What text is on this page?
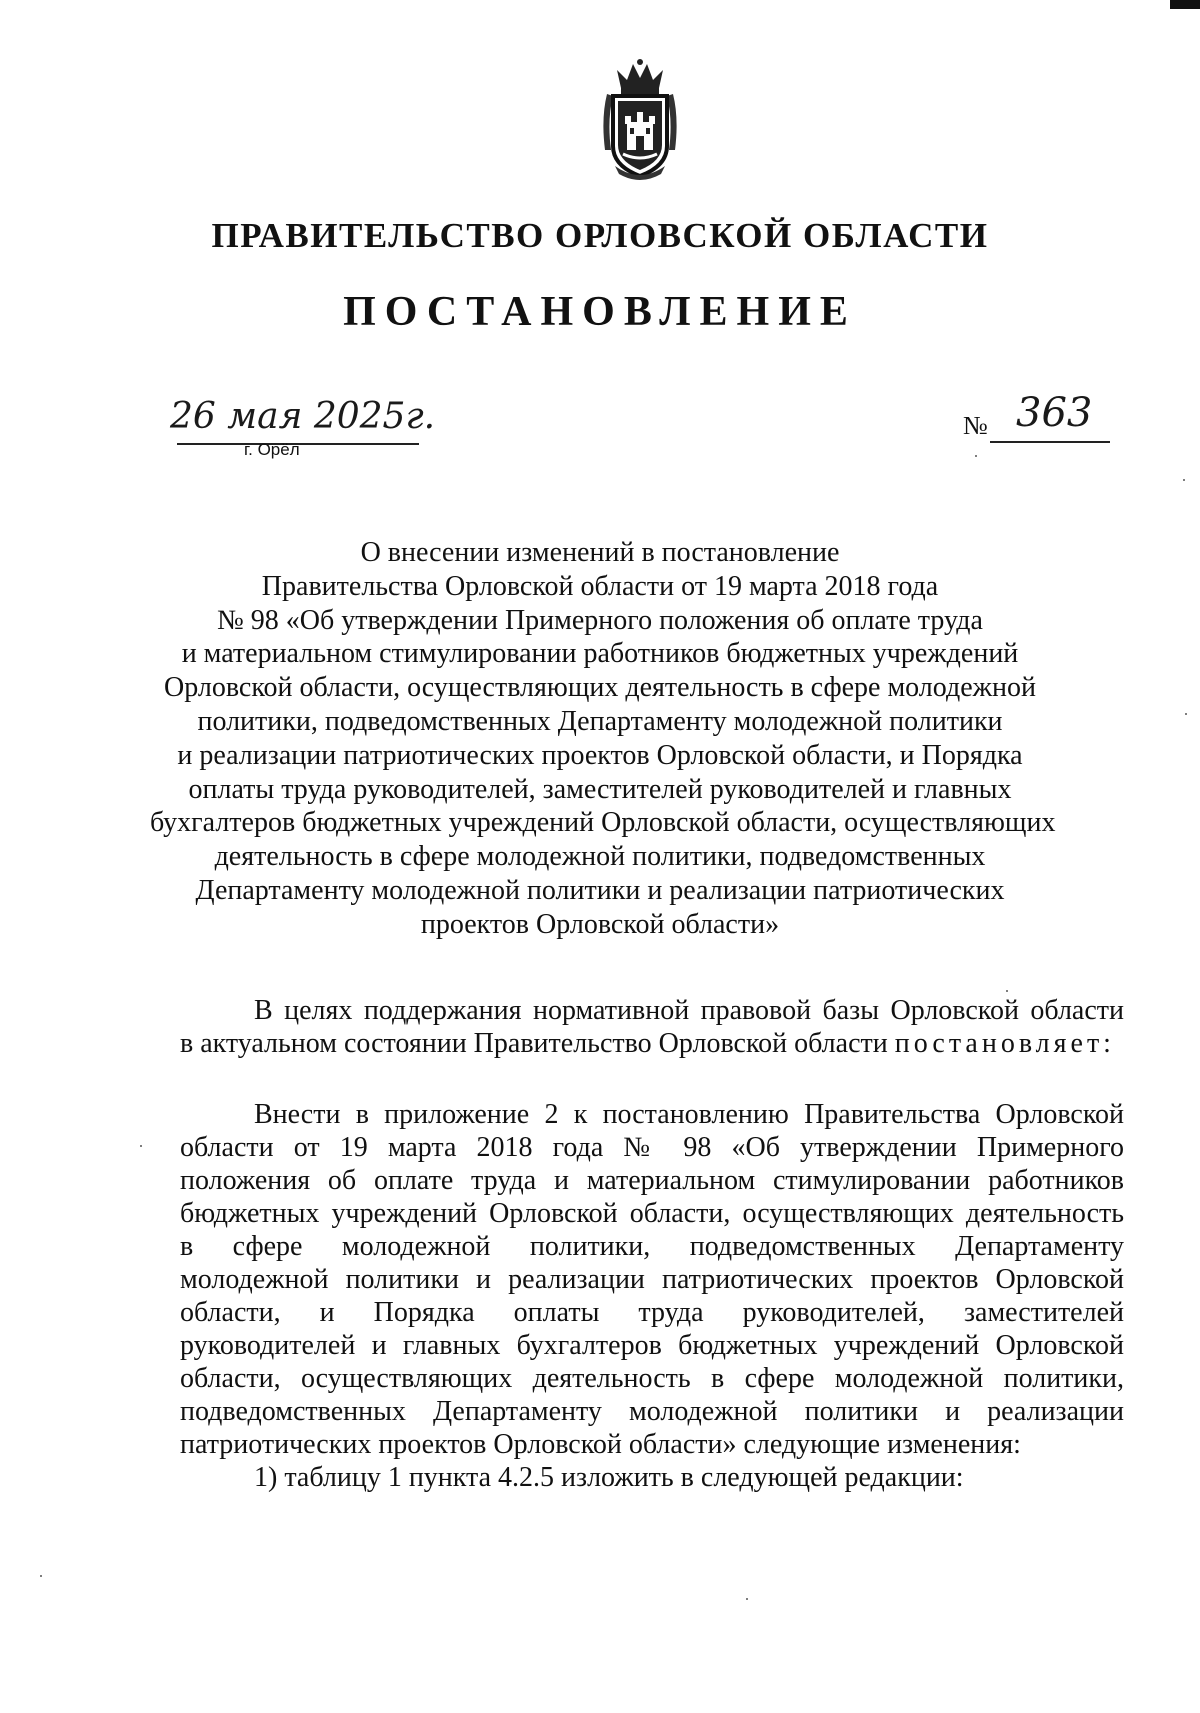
ПРАВИТЕЛЬСТВО ОРЛОВСКОЙ ОБЛАСТИ
ПОСТАНОВЛЕНИЕ
26 мая 2025г.
г. Орёл
№ 363
О внесении изменений в постановление
Правительства Орловской области от 19 марта 2018 года
№ 98 «Об утверждении Примерного положения об оплате труда
и материальном стимулировании работников бюджетных учреждений
Орловской области, осуществляющих деятельность в сфере молодежной
политики, подведомственных Департаменту молодежной политики
и реализации патриотических проектов Орловской области, и Порядка
оплаты труда руководителей, заместителей руководителей и главных
бухгалтеров бюджетных учреждений Орловской области, осуществляющих
деятельность в сфере молодежной политики, подведомственных
Департаменту молодежной политики и реализации патриотических
проектов Орловской области»
В целях поддержания нормативной правовой базы Орловской области
в актуальном состоянии Правительство Орловской области постановляет:
Внести в приложение 2 к постановлению Правительства Орловской
области от 19 марта 2018 года № 98 «Об утверждении Примерного
положения об оплате труда и материальном стимулировании работников
бюджетных учреждений Орловской области, осуществляющих деятельность
в сфере молодежной политики, подведомственных Департаменту
молодежной политики и реализации патриотических проектов Орловской
области, и Порядка оплаты труда руководителей, заместителей
руководителей и главных бухгалтеров бюджетных учреждений Орловской
области, осуществляющих деятельность в сфере молодежной политики,
подведомственных Департаменту молодежной политики и реализации
патриотических проектов Орловской области» следующие изменения:
1) таблицу 1 пункта 4.2.5 изложить в следующей редакции:
